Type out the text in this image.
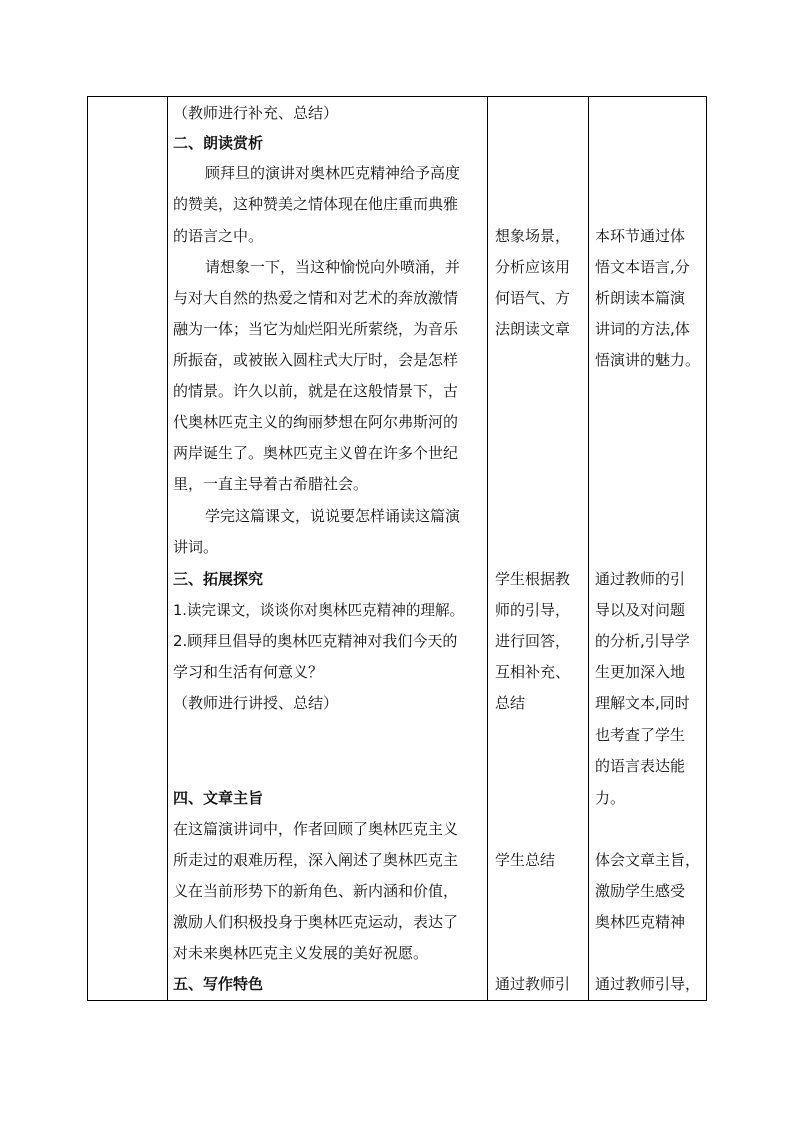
（教师进行补充、总结）
二、朗读赏析
顾拜旦的演讲对奥林匹克精神给予高度
的赞美，这种赞美之情体现在他庄重而典雅
的语言之中。
请想象一下，当这种愉悦向外喷涌，并
与对大自然的热爱之情和对艺术的奔放激情
融为一体；当它为灿烂阳光所萦绕，为音乐
所振奋，或被嵌入圆柱式大厅时，会是怎样
的情景。许久以前，就是在这般情景下，古
代奥林匹克主义的绚丽梦想在阿尔弗斯河的
两岸诞生了。奥林匹克主义曾在许多个世纪
里，一直主导着古希腊社会。
学完这篇课文，说说要怎样诵读这篇演
讲词。
三、拓展探究
1.读完课文，谈谈你对奥林匹克精神的理解。
2.顾拜旦倡导的奥林匹克精神对我们今天的
学习和生活有何意义？
（教师进行讲授、总结）
四、文章主旨
在这篇演讲词中，作者回顾了奥林匹克主义
所走过的艰难历程，深入阐述了奥林匹克主
义在当前形势下的新角色、新内涵和价值，
激励人们积极投身于奥林匹克运动，表达了
对未来奥林匹克主义发展的美好祝愿。
五、写作特色
想象场景，
分析应该用
何语气、方
法朗读文章
学生根据教
师的引导，
进行回答，
互相补充、
总结
学生总结
通过教师引
本环节通过体
悟文本语言,分
析朗读本篇演
讲词的方法,体
悟演讲的魅力。
通过教师的引
导以及对问题
的分析,引导学
生更加深入地
理解文本,同时
也考查了学生
的语言表达能
力。
体会文章主旨，
激励学生感受
奥林匹克精神
通过教师引导，
